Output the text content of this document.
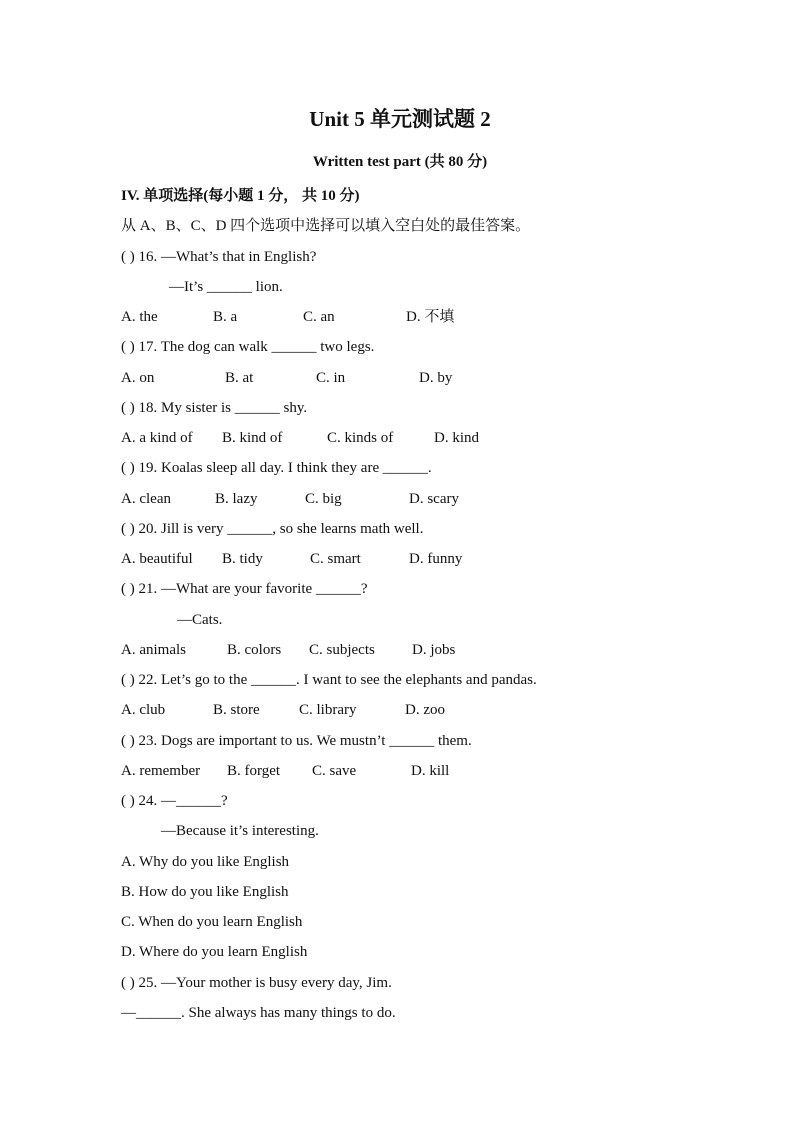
Unit 5 单元测试题 2
Written test part (共 80 分)
IV. 单项选择(每小题 1 分， 共 10 分)
从 A、B、C、D 四个选项中选择可以填入空白处的最佳答案。
( ) 16. —What’s that in English?
—It’s ______ lion.
A. the	B. a	C. an	D. 不填
( ) 17. The dog can walk ______ two legs.
A. on	B. at	C. in	D. by
( ) 18. My sister is ______ shy.
A. a kind of B. kind of	C. kinds of	D. kind
( ) 19. Koalas sleep all day. I think they are ______.
A. clean	B. lazy	C. big	D. scary
( ) 20. Jill is very ______, so she learns math well.
A. beautiful B. tidy	C. smart	D. funny
( ) 21. —What are your favorite ______?
—Cats.
A. animals	B. colors C. subjects D. jobs
( ) 22. Let’s go to the ______. I want to see the elephants and pandas.
A. club	B. store	C. library	D. zoo
( ) 23. Dogs are important to us. We mustn’t ______ them.
A. remember B. forget C. save	D. kill
( ) 24. —______?
—Because it’s interesting.
A. Why do you like English
B. How do you like English
C. When do you learn English
D. Where do you learn English
( ) 25. —Your mother is busy every day, Jim.
—______. She always has many things to do.
